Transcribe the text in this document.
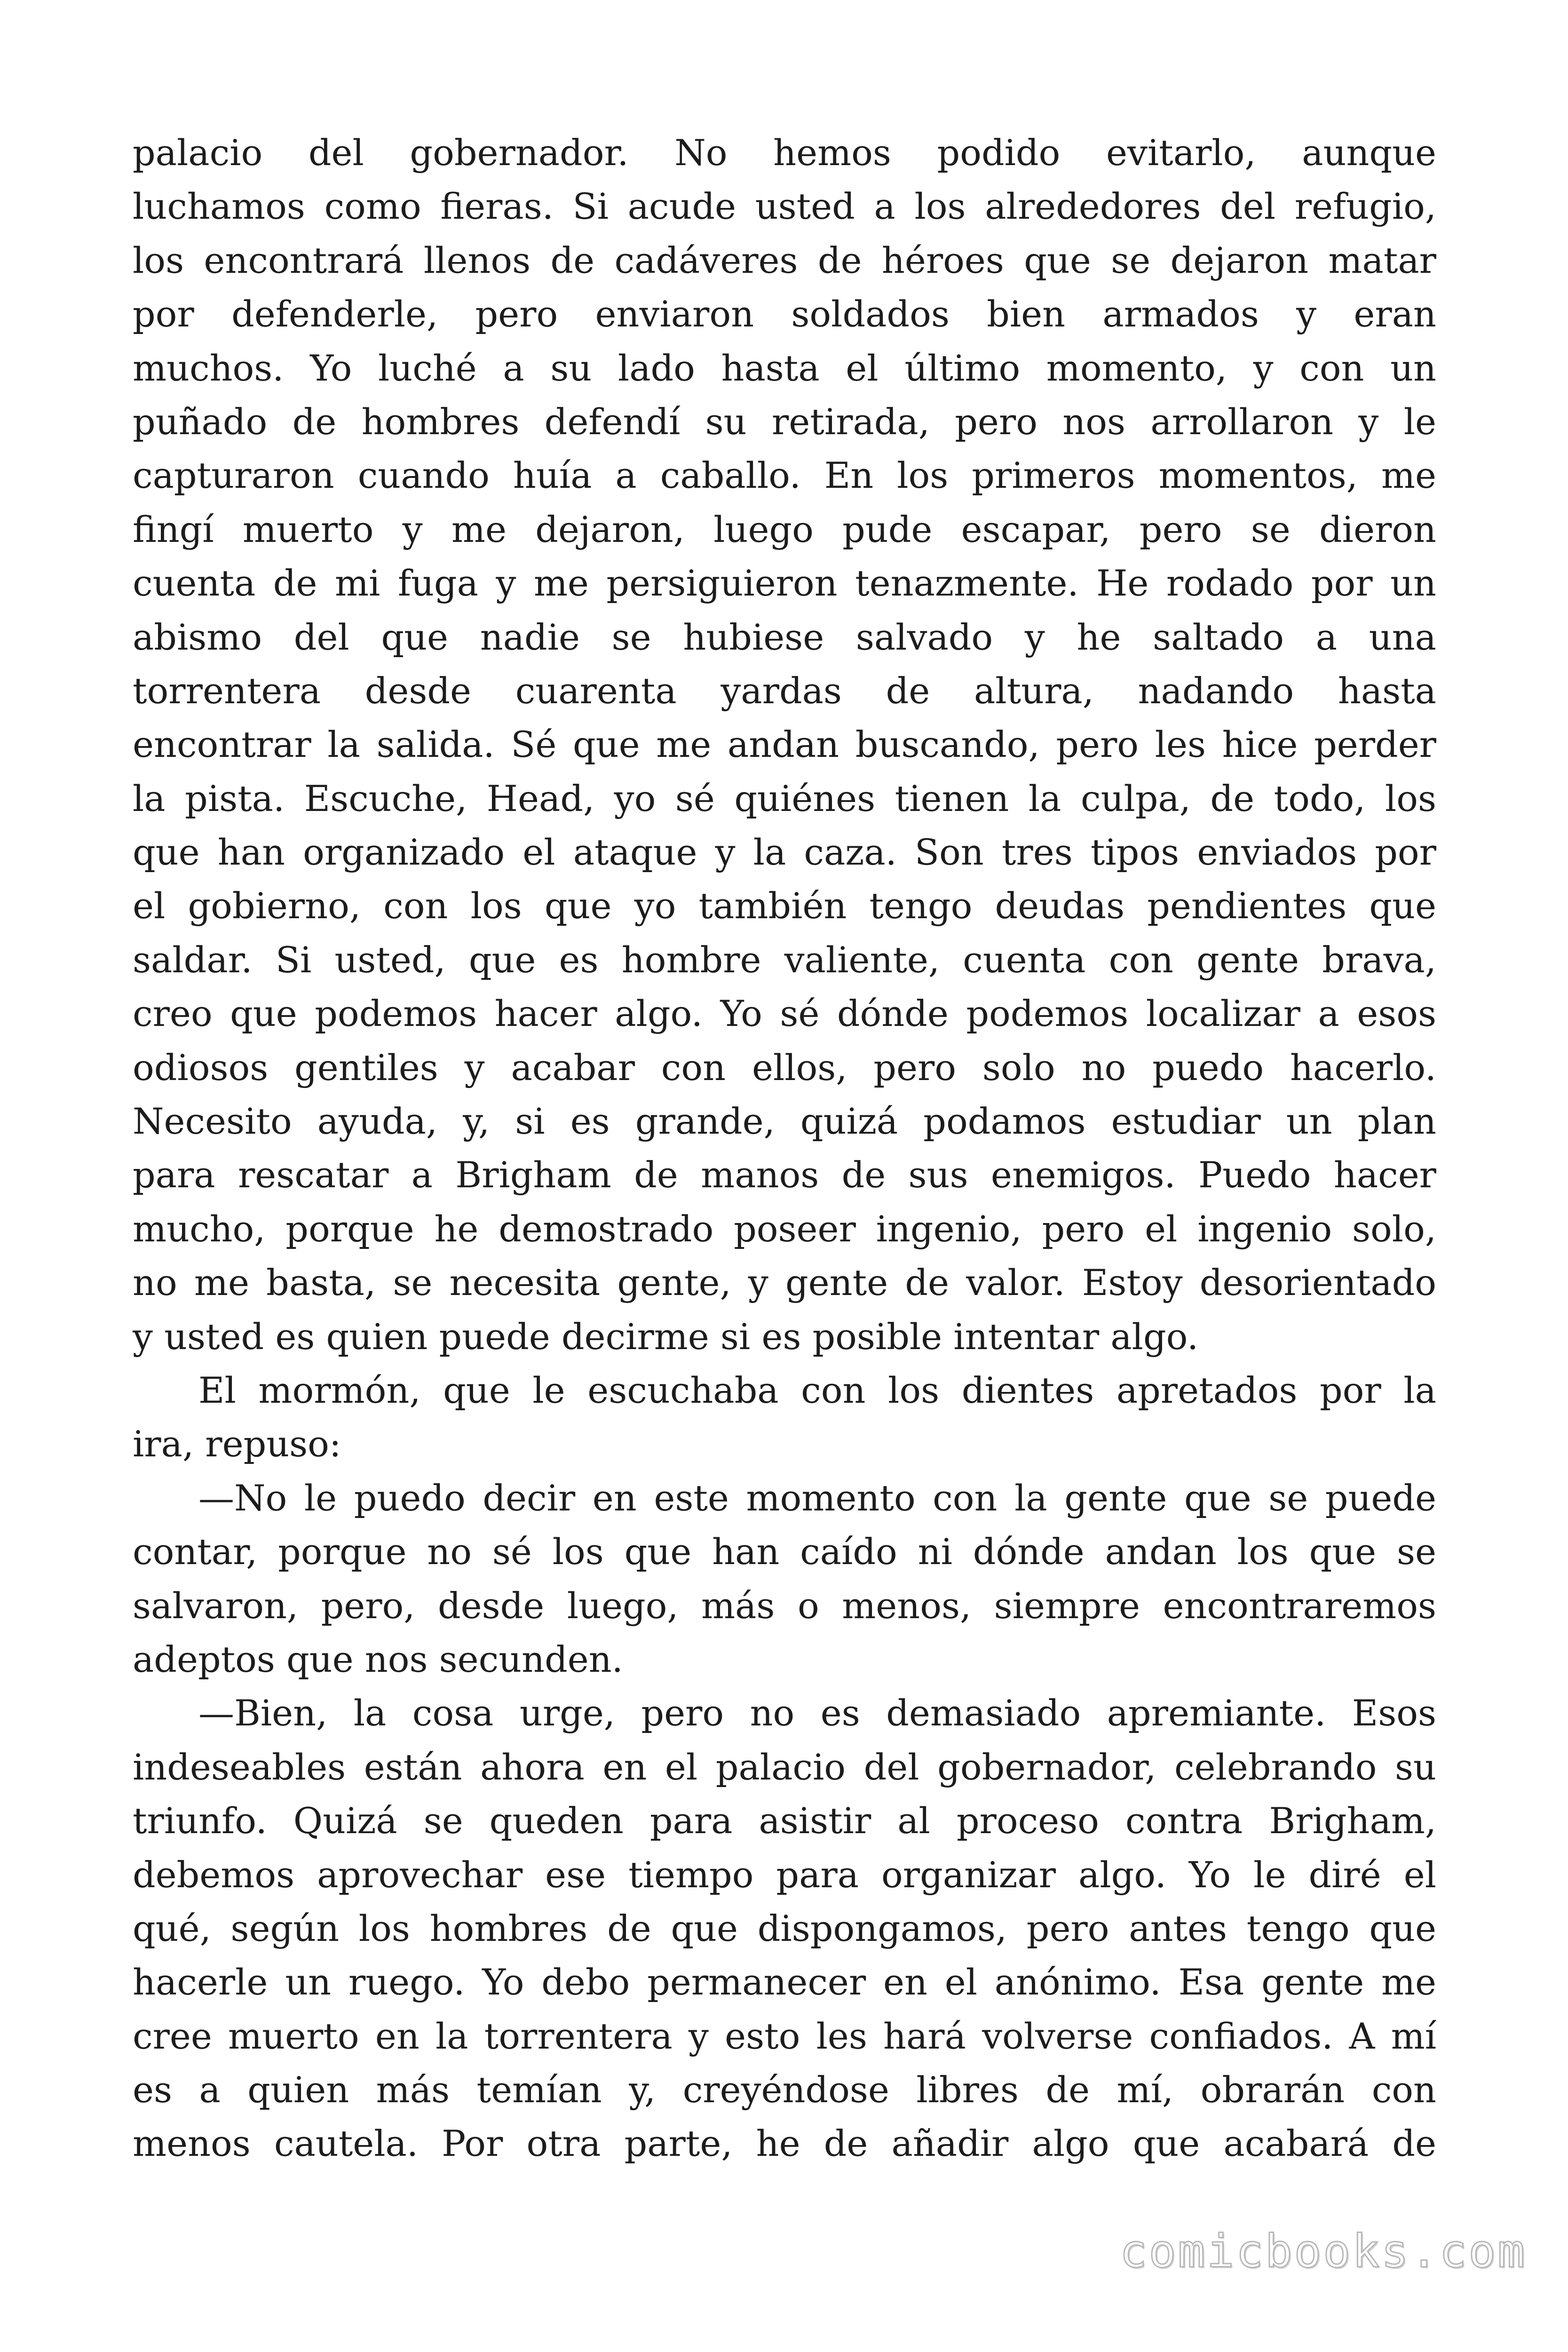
palacio del gobernador. No hemos podido evitarlo, aunque
luchamos como fieras. Si acude usted a los alrededores del refugio,
los encontrará llenos de cadáveres de héroes que se dejaron matar
por defenderle, pero enviaron soldados bien armados y eran
muchos. Yo luché a su lado hasta el último momento, y con un
puñado de hombres defendí su retirada, pero nos arrollaron y le
capturaron cuando huía a caballo. En los primeros momentos, me
fingí muerto y me dejaron, luego pude escapar, pero se dieron
cuenta de mi fuga y me persiguieron tenazmente. He rodado por un
abismo del que nadie se hubiese salvado y he saltado a una
torrentera desde cuarenta yardas de altura, nadando hasta
encontrar la salida. Sé que me andan buscando, pero les hice perder
la pista. Escuche, Head, yo sé quiénes tienen la culpa, de todo, los
que han organizado el ataque y la caza. Son tres tipos enviados por
el gobierno, con los que yo también tengo deudas pendientes que
saldar. Si usted, que es hombre valiente, cuenta con gente brava,
creo que podemos hacer algo. Yo sé dónde podemos localizar a esos
odiosos gentiles y acabar con ellos, pero solo no puedo hacerlo.
Necesito ayuda, y, si es grande, quizá podamos estudiar un plan
para rescatar a Brigham de manos de sus enemigos. Puedo hacer
mucho, porque he demostrado poseer ingenio, pero el ingenio solo,
no me basta, se necesita gente, y gente de valor. Estoy desorientado
y usted es quien puede decirme si es posible intentar algo.
El mormón, que le escuchaba con los dientes apretados por la
ira, repuso:
—No le puedo decir en este momento con la gente que se puede
contar, porque no sé los que han caído ni dónde andan los que se
salvaron, pero, desde luego, más o menos, siempre encontraremos
adeptos que nos secunden.
—Bien, la cosa urge, pero no es demasiado apremiante. Esos
indeseables están ahora en el palacio del gobernador, celebrando su
triunfo. Quizá se queden para asistir al proceso contra Brigham,
debemos aprovechar ese tiempo para organizar algo. Yo le diré el
qué, según los hombres de que dispongamos, pero antes tengo que
hacerle un ruego. Yo debo permanecer en el anónimo. Esa gente me
cree muerto en la torrentera y esto les hará volverse confiados. A mí
es a quien más temían y, creyéndose libres de mí, obrarán con
menos cautela. Por otra parte, he de añadir algo que acabará de
comicbooks.com
